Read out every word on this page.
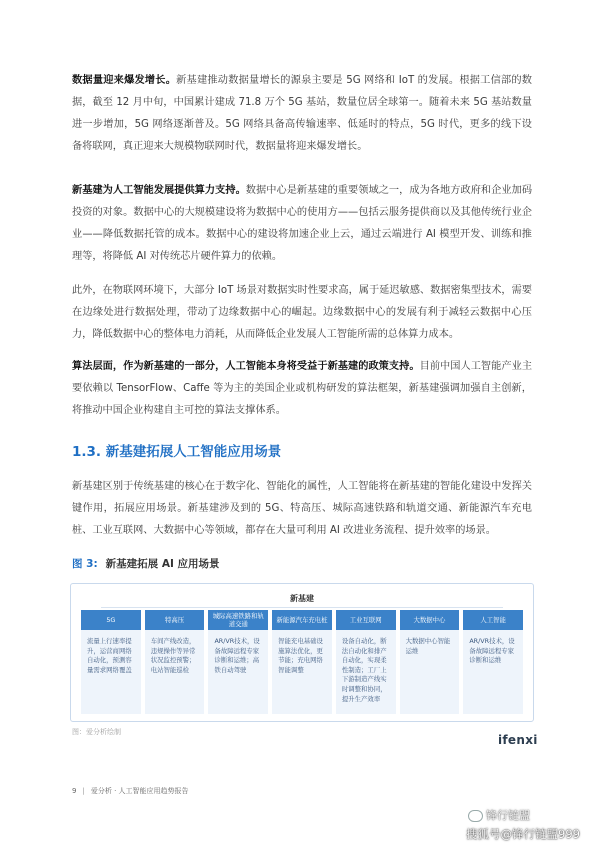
数据量迎来爆发增长。新基建推动数据量增长的源泉主要是 5G 网络和 IoT 的发展。根据工信部的数据，截至 12 月中旬，中国累计建成 71.8 万个 5G 基站，数量位居全球第一。随着未来 5G 基站数量进一步增加，5G 网络逐渐普及。5G 网络具备高传输速率、低延时的特点，5G 时代，更多的线下设备将联网，真正迎来大规模物联网时代，数据量将迎来爆发增长。

新基建为人工智能发展提供算力支持。数据中心是新基建的重要领域之一，成为各地方政府和企业加码投资的对象。数据中心的大规模建设将为数据中心的使用方——包括云服务提供商以及其他传统行业企业——降低数据托管的成本。数据中心的建设将加速企业上云，通过云端进行 AI 模型开发、训练和推理等，将降低 AI 对传统芯片硬件算力的依赖。

此外，在物联网环境下，大部分 IoT 场景对数据实时性要求高，属于延迟敏感、数据密集型技术，需要在边缘处进行数据处理，带动了边缘数据中心的崛起。边缘数据中心的发展有利于减轻云数据中心压力，降低数据中心的整体电力消耗，从而降低企业发展人工智能所需的总体算力成本。

算法层面，作为新基建的一部分，人工智能本身将受益于新基建的政策支持。目前中国人工智能产业主要依赖以 TensorFlow、Caffe 等为主的美国企业或机构研发的算法框架，新基建强调加强自主创新，将推动中国企业构建自主可控的算法支撑体系。

1.3. 新基建拓展人工智能应用场景

新基建区别于传统基建的核心在于数字化、智能化的属性，人工智能将在新基建的智能化建设中发挥关键作用，拓展应用场景。新基建涉及到的 5G、特高压、城际高速铁路和轨道交通、新能源汽车充电桩、工业互联网、大数据中心等领域，都存在大量可利用 AI 改进业务流程、提升效率的场景。

图 3: 新基建拓展 AI 应用场景

新基建
5G
流量上行速率提升，运营商网络自动化，预测容量需求网络覆盖
特高压
车间产线改造，违规操作等异常状况监控预警；电站智能巡检
城际高速铁路和轨道交通
AR/VR技术，设备故障远程专家诊断和运维；高铁自动驾驶
新能源汽车充电桩
智能充电基础设施算法优化，更节能；充电网络智能调整
工业互联网
设备自动化，断法自动化和排产自动化，实现柔性制造；工厂上下游制造产线实时调整和协同，提升生产效率
大数据中心
大数据中心智能运维
人工智能
AR/VR技术，设备故障远程专家诊断和运维
图：爱分析绘制
ifenxi
9 | 爱分析 · 人工智能应用趋势报告
锋行链盟
搜狐号@锋行链盟999
